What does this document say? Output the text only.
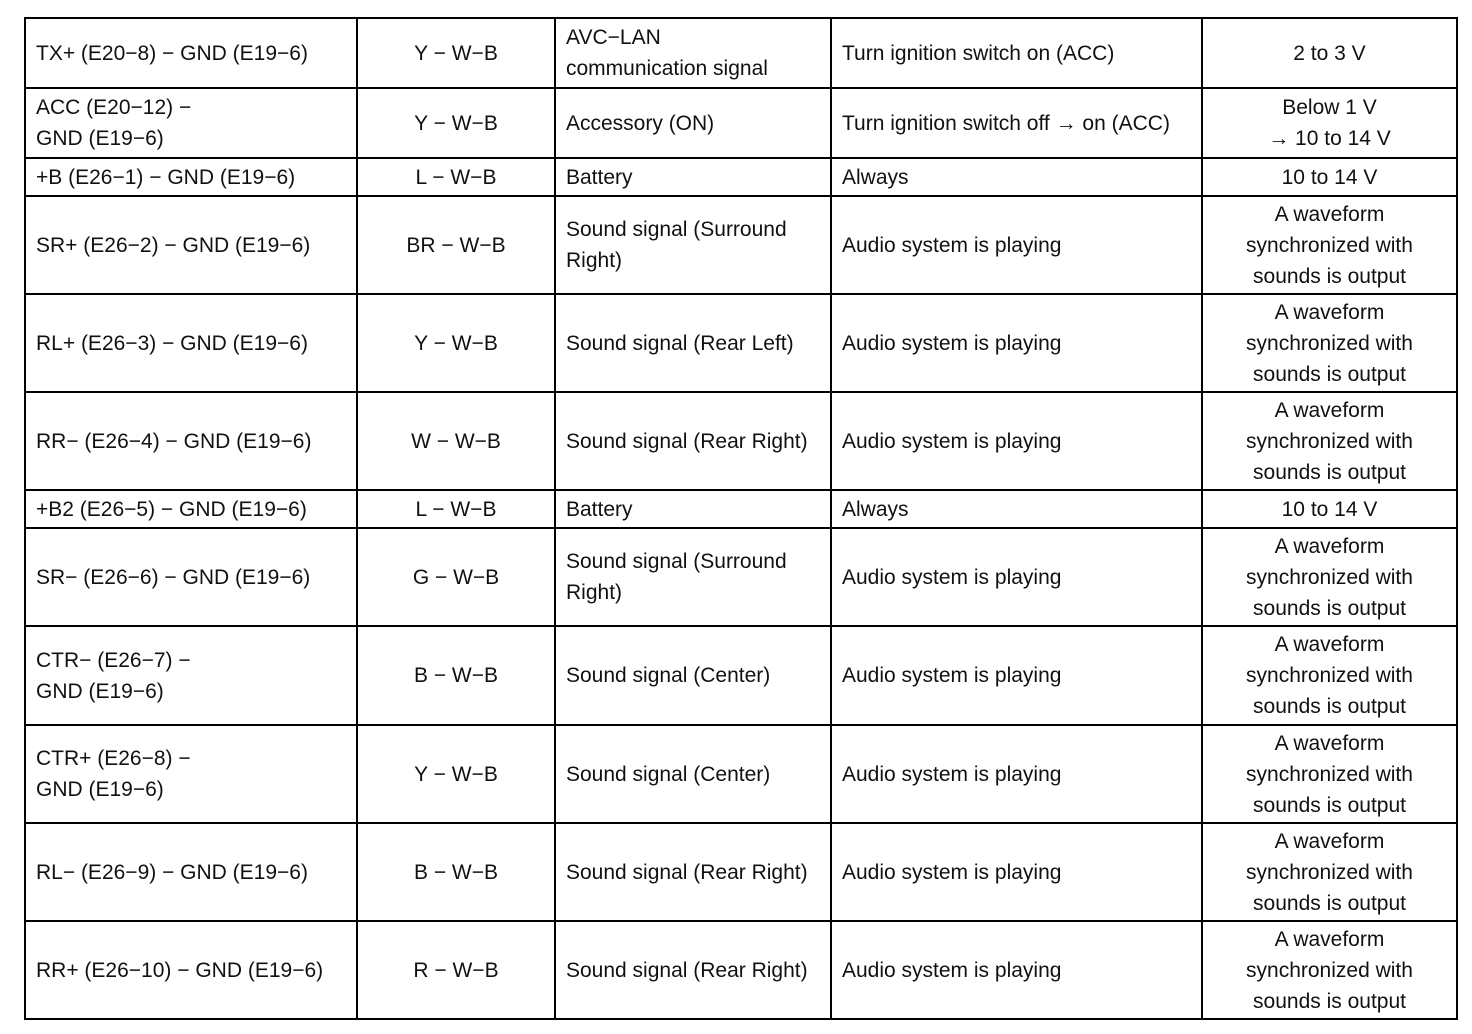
TX+ (E20−8) − GND (E19−6)	Y − W−B	AVC−LAN
communication signal	Turn ignition switch on (ACC)	2 to 3 V

ACC (E20−12) −
GND (E19−6)	Y − W−B	Accessory (ON)	Turn ignition switch off → on (ACC)	Below 1 V
→ 10 to 14 V

+B (E26−1) − GND (E19−6)	L − W−B	Battery	Always	10 to 14 V

SR+ (E26−2) − GND (E19−6)	BR − W−B	Sound signal (Surround
Right)	Audio system is playing	A waveform
synchronized with
sounds is output

RL+ (E26−3) − GND (E19−6)	Y − W−B	Sound signal (Rear Left)	Audio system is playing	A waveform
synchronized with
sounds is output

RR− (E26−4) − GND (E19−6)	W − W−B	Sound signal (Rear Right)	Audio system is playing	A waveform
synchronized with
sounds is output

+B2 (E26−5) − GND (E19−6)	L − W−B	Battery	Always	10 to 14 V

SR− (E26−6) − GND (E19−6)	G − W−B	Sound signal (Surround
Right)	Audio system is playing	A waveform
synchronized with
sounds is output

CTR− (E26−7) −
GND (E19−6)	B − W−B	Sound signal (Center)	Audio system is playing	A waveform
synchronized with
sounds is output

CTR+ (E26−8) −
GND (E19−6)	Y − W−B	Sound signal (Center)	Audio system is playing	A waveform
synchronized with
sounds is output

RL− (E26−9) − GND (E19−6)	B − W−B	Sound signal (Rear Right)	Audio system is playing	A waveform
synchronized with
sounds is output

RR+ (E26−10) − GND (E19−6)	R − W−B	Sound signal (Rear Right)	Audio system is playing	A waveform
synchronized with
sounds is output
